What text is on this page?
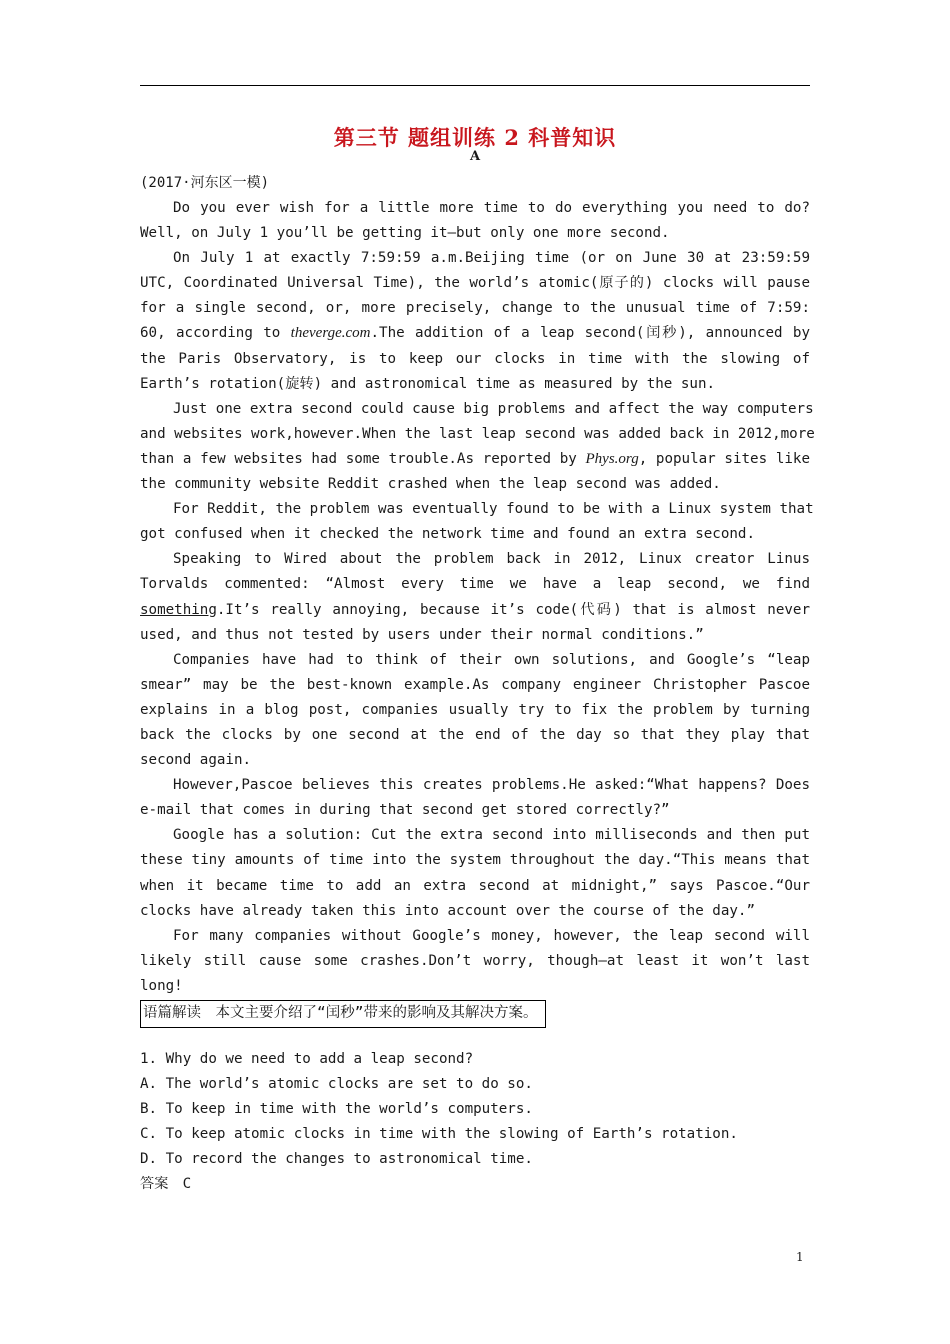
第三节 题组训练 2 科普知识
A
(2017·河东区一模)
Do you ever wish for a little more time to do everything you need to do?
Well, on July 1 you’ll be getting it—but only one more second.
On July 1 at exactly 7:59:59 a.m.Beijing time (or on June 30 at 23:59:59
UTC, Coordinated Universal Time), the world’s atomic(原子的) clocks will pause
for a single second, or, more precisely, change to the unusual time of 7:59:
60, according to theverge.com.The addition of a leap second(闰秒), announced by
the Paris Observatory, is to keep our clocks in time with the slowing of
Earth’s rotation(旋转) and astronomical time as measured by the sun.
Just one extra second could cause big problems and affect the way computers
and websites work,however.When the last leap second was added back in 2012,more
than a few websites had some trouble.As reported by Phys.org, popular sites like
the community website Reddit crashed when the leap second was added.
For Reddit, the problem was eventually found to be with a Linux system that
got confused when it checked the network time and found an extra second.
Speaking to Wired about the problem back in 2012, Linux creator Linus
Torvalds commented: “Almost every time we have a leap second, we find
something.It’s really annoying, because it’s code(代码) that is almost never
used, and thus not tested by users under their normal conditions.”
Companies have had to think of their own solutions, and Google’s “leap
smear” may be the best-known example.As company engineer Christopher Pascoe
explains in a blog post, companies usually try to fix the problem by turning
back the clocks by one second at the end of the day so that they play that
second again.
However,Pascoe believes this creates problems.He asked:“What happens? Does
e-mail that comes in during that second get stored correctly?”
Google has a solution: Cut the extra second into milliseconds and then put
these tiny amounts of time into the system throughout the day.“This means that
when it became time to add an extra second at midnight,” says Pascoe.“Our
clocks have already taken this into account over the course of the day.”
For many companies without Google’s money, however, the leap second will
likely still cause some crashes.Don’t worry, though—at least it won’t last
long!
语篇解读　本文主要介绍了“闰秒”带来的影响及其解决方案。
1. Why do we need to add a leap second?
A. The world’s atomic clocks are set to do so.
B. To keep in time with the world’s computers.
C. To keep atomic clocks in time with the slowing of Earth’s rotation.
D. To record the changes to astronomical time.
答案　C
1
